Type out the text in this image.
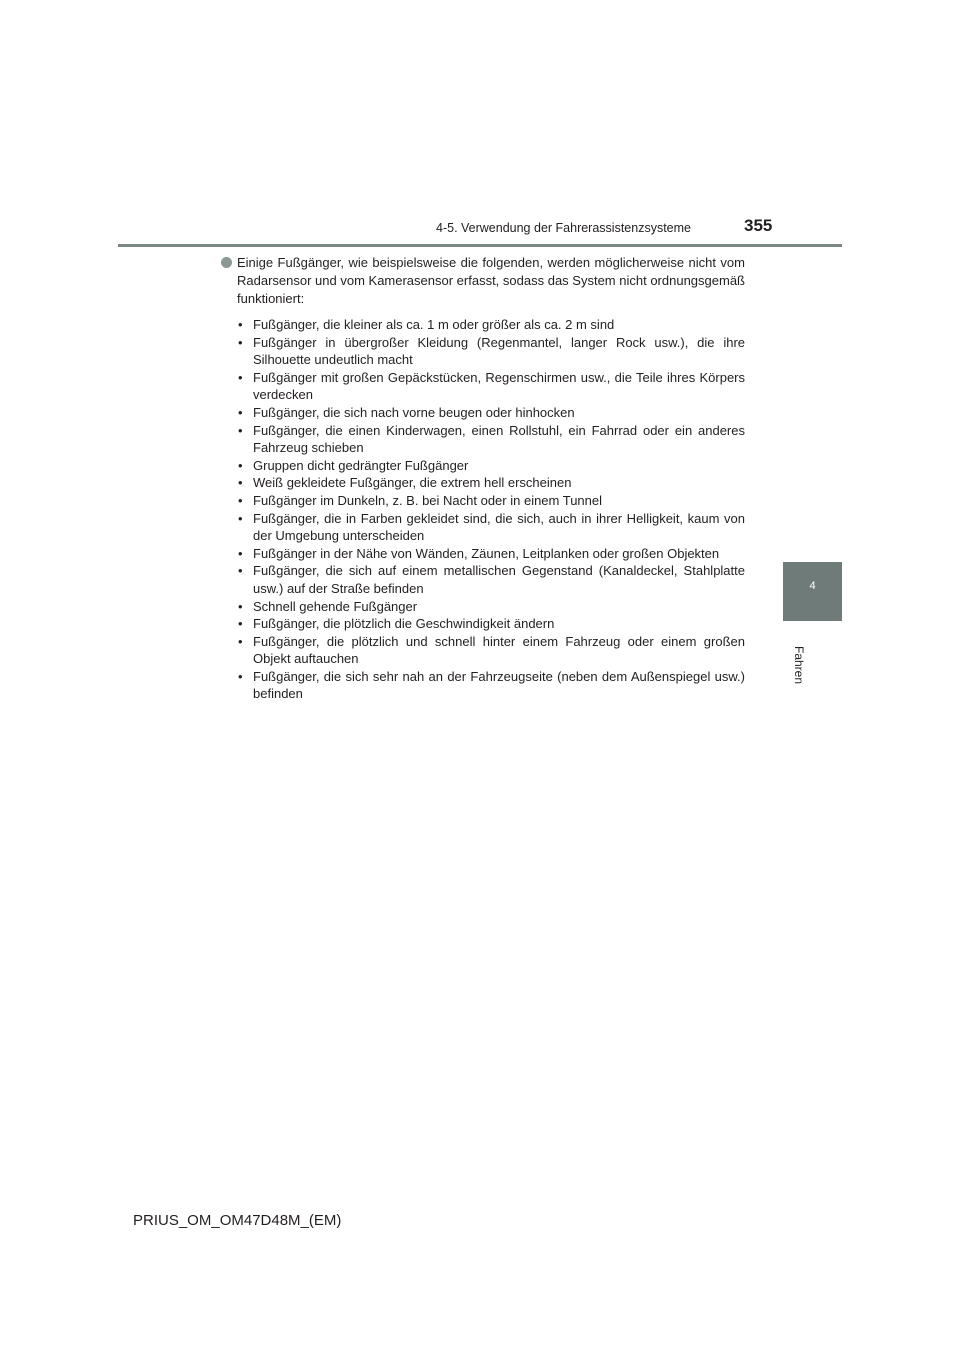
4-5. Verwendung der Fahrerassistenzsysteme	355
4
Fahren

Einige Fußgänger, wie beispielsweise die folgenden, werden möglicherweise nicht vom Radarsensor und vom Kamerasensor erfasst, sodass das System nicht ordnungsgemäß funktioniert:

• Fußgänger, die kleiner als ca. 1 m oder größer als ca. 2 m sind
• Fußgänger in übergroßer Kleidung (Regenmantel, langer Rock usw.), die ihre Silhouette undeutlich macht
• Fußgänger mit großen Gepäckstücken, Regenschirmen usw., die Teile ihres Körpers verdecken
• Fußgänger, die sich nach vorne beugen oder hinhocken
• Fußgänger, die einen Kinderwagen, einen Rollstuhl, ein Fahrrad oder ein anderes Fahrzeug schieben
• Gruppen dicht gedrängter Fußgänger
• Weiß gekleidete Fußgänger, die extrem hell erscheinen
• Fußgänger im Dunkeln, z. B. bei Nacht oder in einem Tunnel
• Fußgänger, die in Farben gekleidet sind, die sich, auch in ihrer Helligkeit, kaum von der Umgebung unterscheiden
• Fußgänger in der Nähe von Wänden, Zäunen, Leitplanken oder großen Objekten
• Fußgänger, die sich auf einem metallischen Gegenstand (Kanaldeckel, Stahlplatte usw.) auf der Straße befinden
• Schnell gehende Fußgänger
• Fußgänger, die plötzlich die Geschwindigkeit ändern
• Fußgänger, die plötzlich und schnell hinter einem Fahrzeug oder einem großen Objekt auftauchen
• Fußgänger, die sich sehr nah an der Fahrzeugseite (neben dem Außenspiegel usw.) befinden
PRIUS_OM_OM47D48M_(EM)
